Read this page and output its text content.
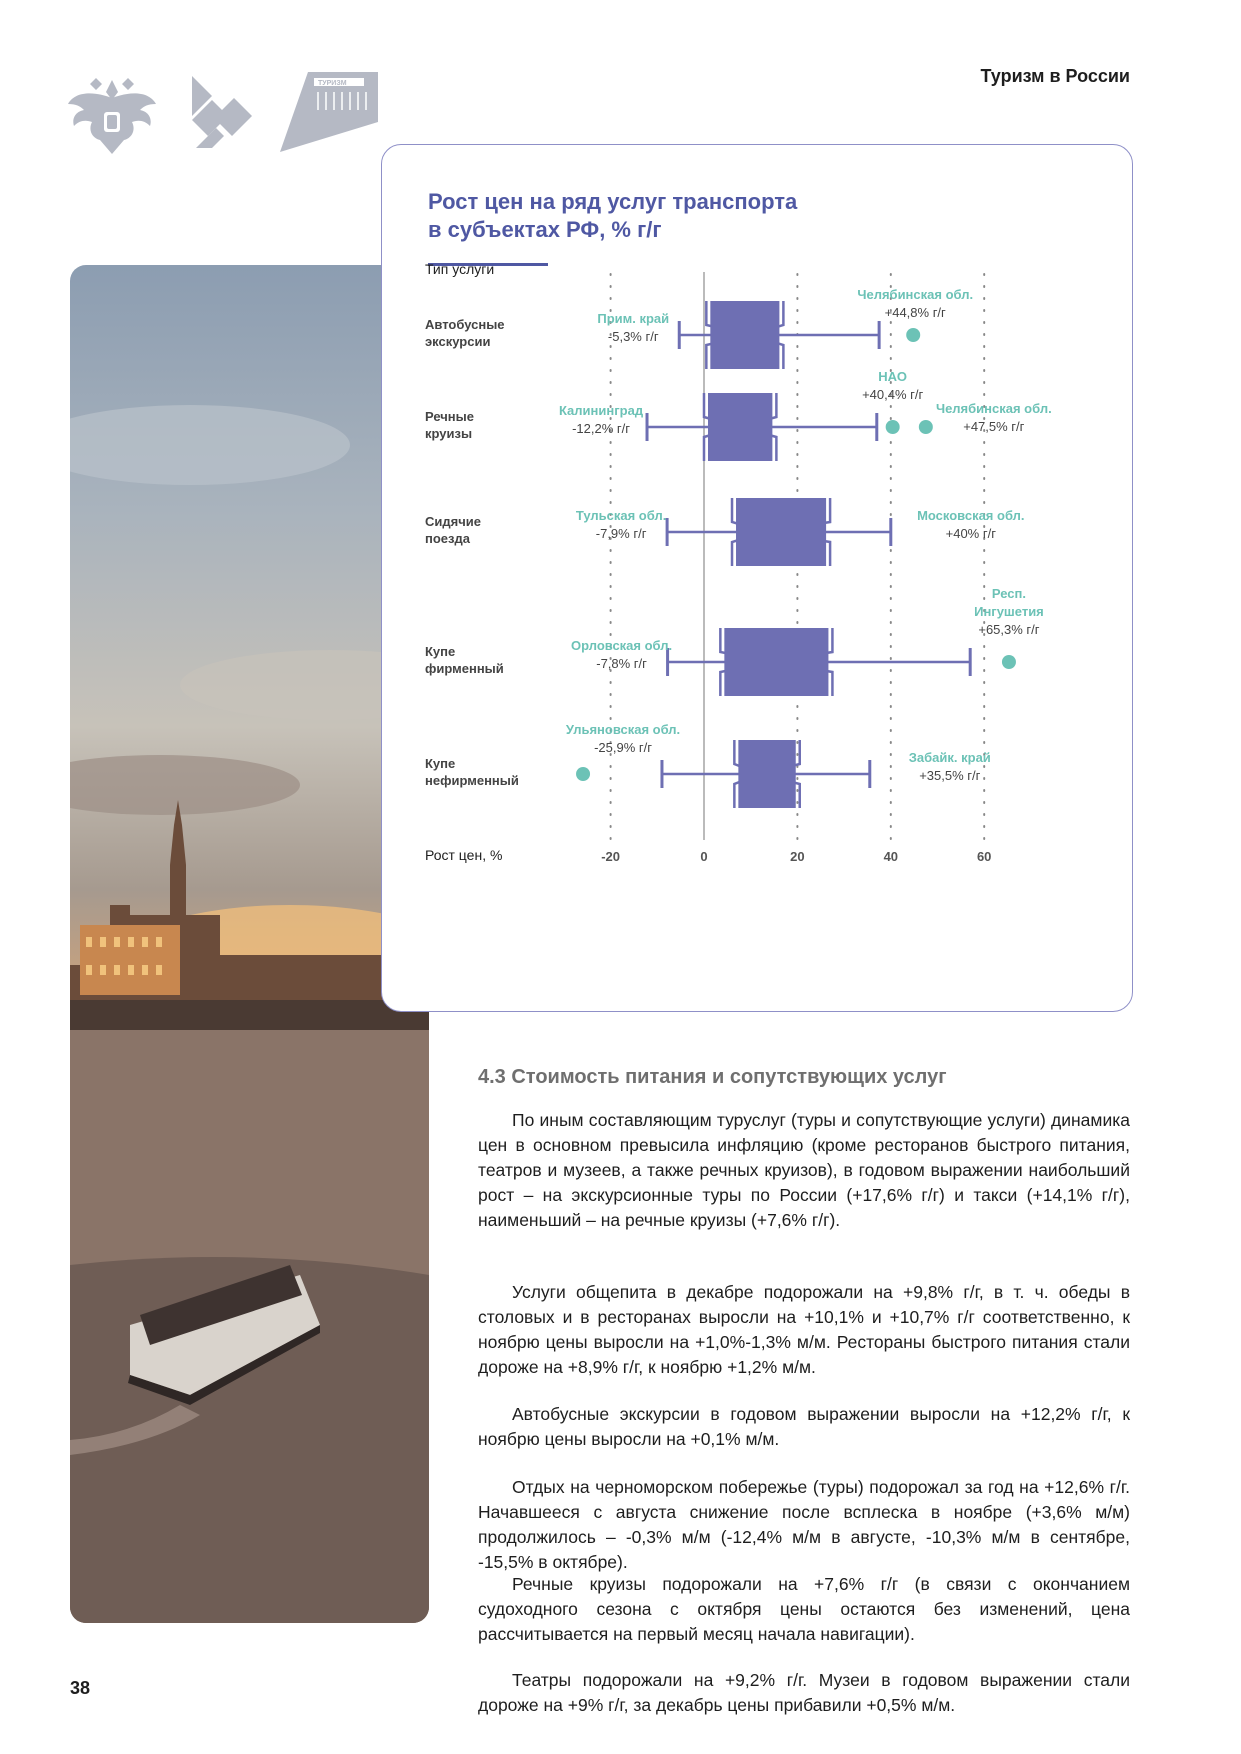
Туризм в России
ТУРИЗМ
Рост цен на ряд услуг транспорта
в субъектах РФ, % г/г
Тип услуги
Рост цен, %	-20	0	20	40	60
Автобусные
экскурсии
Прим. край
-5,3% г/г
Челябинская обл.
+44,8% г/г
Речные
круизы
Калининград
-12,2% г/г
НАО
+40,4% г/г
Челябинская обл.
+47,5% г/г
Сидячие
поезда
Тульская обл.
-7,9% г/г
Московская обл.
+40% г/г
Купе
фирменный
Орловская обл.
-7,8% г/г
Респ.
Ингушетия
+65,3% г/г
Купе
нефирменный
Забайк. край
+35,5% г/г
Ульяновская обл.
-25,9% г/г
4.3 Стоимость питания и сопутствующих услуг

По иным составляющим туруслуг (туры и сопутствующие услуги) динамика цен в основном превысила инфляцию (кроме ресторанов быстрого питания, театров и музеев, а также речных круизов), в годовом выражении наибольший рост – на экскурсионные туры по России (+17,6% г/г) и такси (+14,1% г/г), наименьший – на речные круизы (+7,6% г/г).

Услуги общепита в декабре подорожали на +9,8% г/г, в т. ч. обеды в столовых и в ресторанах выросли на +10,1% и +10,7% г/г соответственно, к ноябрю цены выросли на +1,0%-1,3% м/м. Рестораны быстрого питания стали дороже на +8,9% г/г, к ноябрю +1,2% м/м.

Автобусные экскурсии в годовом выражении выросли на +12,2% г/г, к ноябрю цены выросли на +0,1% м/м.

Отдых на черноморском побережье (туры) подорожал за год на +12,6% г/г. Начавшееся с августа снижение после всплеска в ноябре (+3,6% м/м) продолжилось – -0,3% м/м (-12,4% м/м в августе, -10,3% м/м в сентябре, -15,5% в октябре).

Речные круизы подорожали на +7,6% г/г (в связи с окончанием судоходного сезона с октября цены остаются без изменений, цена рассчитывается на первый месяц начала навигации).

Театры подорожали на +9,2% г/г. Музеи в годовом выражении стали дороже на +9% г/г, за декабрь цены прибавили +0,5% м/м.

38
